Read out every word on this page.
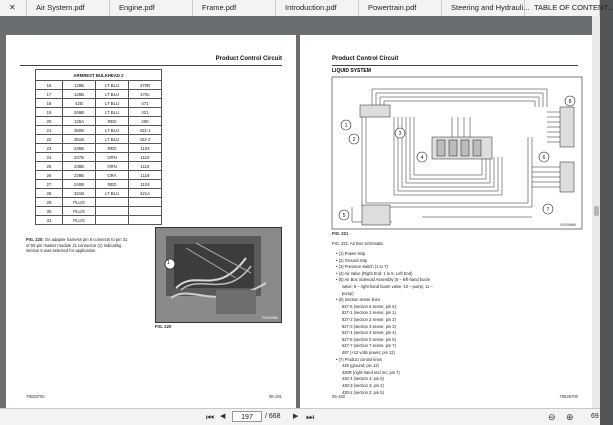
✕	Air System.pdf	Engine.pdf	Frame.pdf	Introduction.pdf	Powertrain.pdf	Steering and Hydrauli... TABLE OF CONTENT...
Product Control Circuit
ARMREST BULKHEAD 2			
16	128B	LT BLU	470R
17	126B	LT BLU	470L
18	42B	LT BLU	471
19	269B	LT BLU	421
20	125A	RED	400
21	350B	LT BLU	422-1
22	351B	LT BLU	422-2
23	236B	RED	1104
24	237B	ORN	1110
25	238B	ORN	1110
26	239B	GRA	1119
27	240B	RED	1104
28	321B	LT BLU	421A
29	PLUG		
30	PLUG		
31	PLUG		
FIG. 220: On adapter harness pin 8 connects to pin 31
of 50-pin master module J1 connector (1) indicating
section 5 was selected for application.
1
RG09H80
FIG. 220
79028700	06-191
Product Control Circuit
LIQUID SYSTEM
1
2
3
4
5
6
7
8
RG09H80
FIG. 221
FIG. 221: Air Box Schematic
• (1) Power strip
• (2) Ground strip
• (3) Pressure switch (1 to 7)
• (4) Air Valve (Right End: 1 to 5; Left End)
• (5) Air Box Solenoid Assembly (6 – left-hand boom
valve; 9 – right-hand boom valve; 10 – pump; 11 –
pump)
• (6) Section sense lines
627-6 (section 6 sense; pin 6)
627-1 (section 1 sense; pin 1)
627-2 (section 2 sense; pin 2)
627-3 (section 3 sense; pin 3)
627-4 (section 4 sense; pin 4)
627-5 (section 5 sense; pin 5)
627-7 (section 7 sense; pin 7)
497 (+12 volts power; pin 12)
• (7) Product control lines
429 (ground; pin 12)
430R (right-hand end mc; pin 7)
430-4 (section 4; pin 5)
430-3 (section 3; pin 2)
430-2 (section 2; pin 5)
06-192	79028700
⏮ ◀	197	/ 668 ▶ ⏭	⊖ ⊕ 69
